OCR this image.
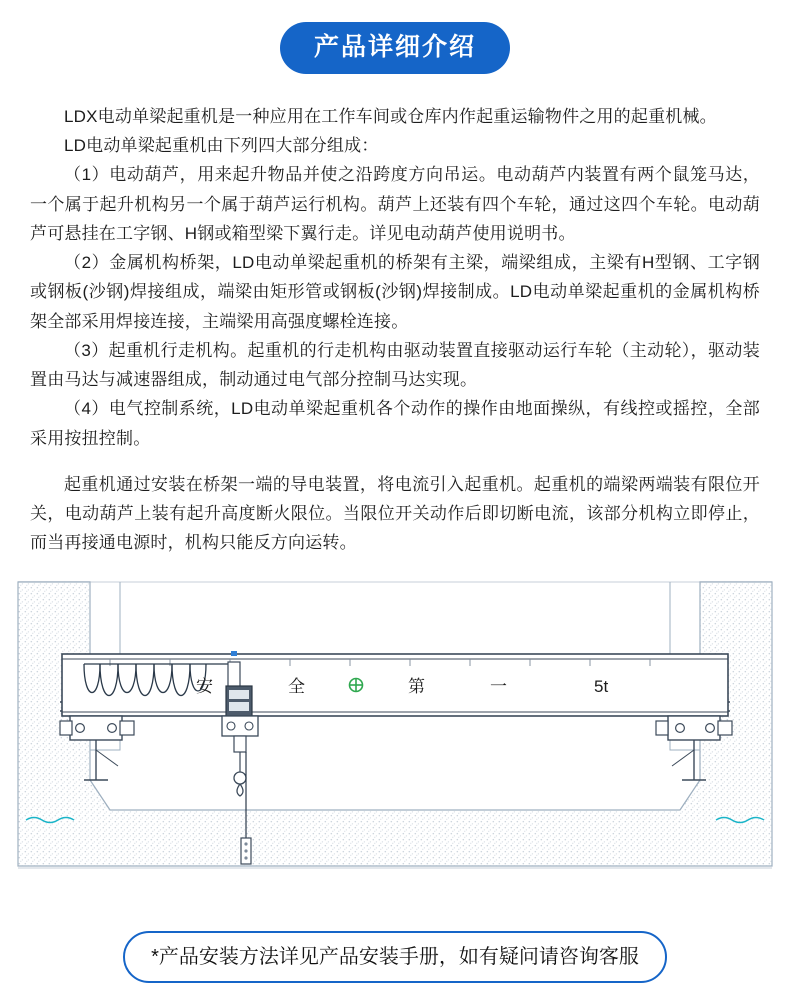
产品详细介绍

LDX电动单梁起重机是一种应用在工作车间或仓库内作起重运输物件之用的起重机械。

LD电动单梁起重机由下列四大部分组成：

（1）电动葫芦，用来起升物品并使之沿跨度方向吊运。电动葫芦内装置有两个鼠笼马达，一个属于起升机构另一个属于葫芦运行机构。葫芦上还装有四个车轮，通过这四个车轮。电动葫芦可悬挂在工字钢、H钢或箱型梁下翼行走。详见电动葫芦使用说明书。

（2）金属机构桥架，LD电动单梁起重机的桥架有主梁，端梁组成，主梁有H型钢、工字钢或钢板(沙钢)焊接组成，端梁由矩形管或钢板(沙钢)焊接制成。LD电动单梁起重机的金属机构桥架全部采用焊接连接，主端梁用高强度螺栓连接。

（3）起重机行走机构。起重机的行走机构由驱动装置直接驱动运行车轮（主动轮），驱动装置由马达与减速器组成，制动通过电气部分控制马达实现。

（4）电气控制系统，LD电动单梁起重机各个动作的操作由地面操纵，有线控或摇控，全部采用按扭控制。

起重机通过安装在桥架一端的导电装置，将电流引入起重机。起重机的端梁两端装有限位开关，电动葫芦上装有起升高度断火限位。当限位开关动作后即切断电流，该部分机构立即停止，而当再接通电源时，机构只能反方向运转。

安	全	第	一	5t
*产品安装方法详见产品安装手册，如有疑问请咨询客服
